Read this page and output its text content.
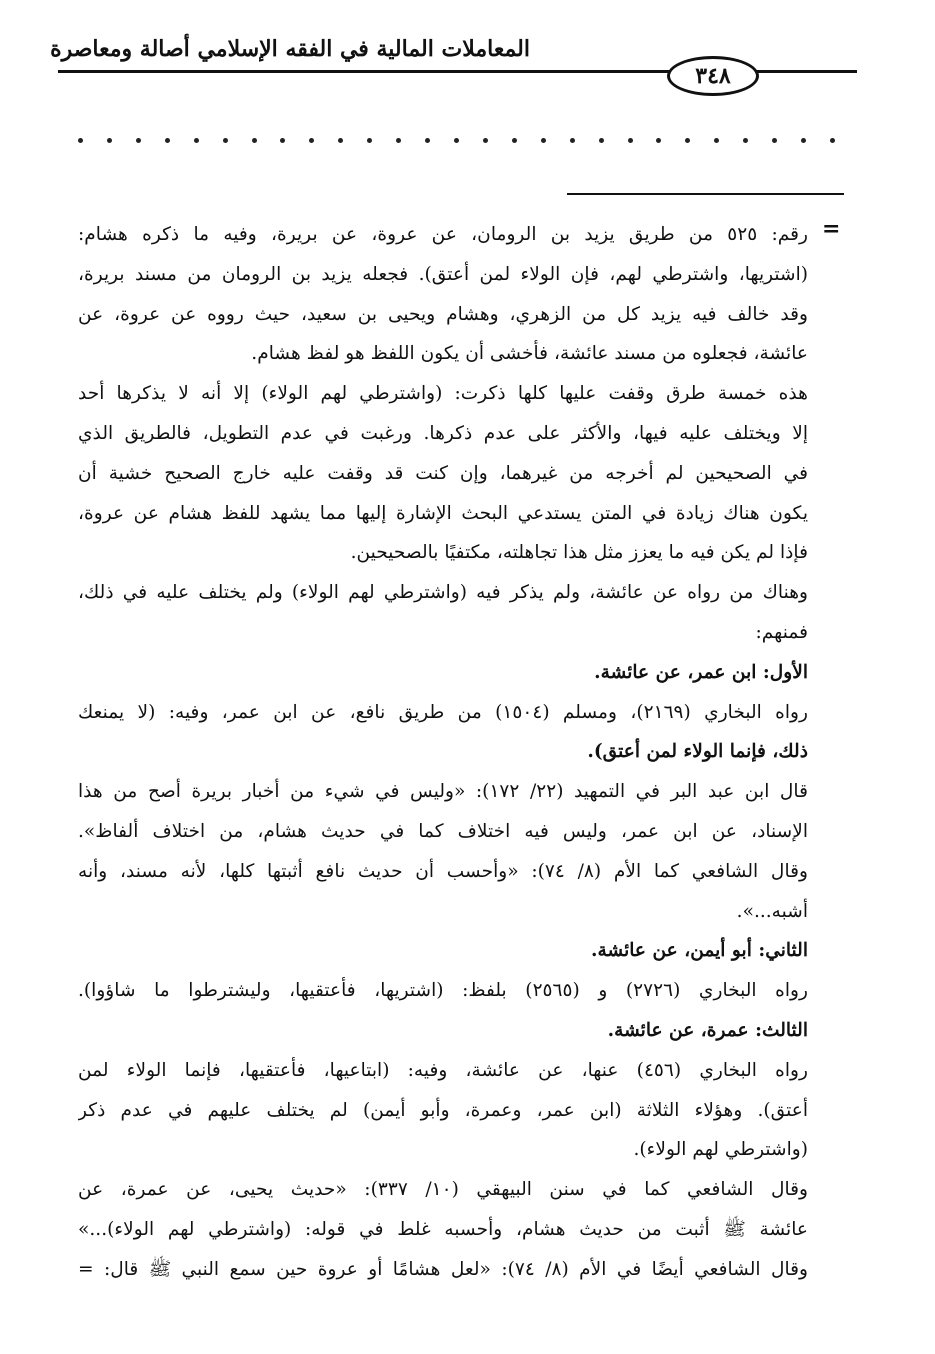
المعاملات المالية في الفقه الإسلامي أصالة ومعاصرة
٣٤٨
=
رقم: ٥٢٥ من طريق يزيد بن الرومان، عن عروة، عن بريرة، وفيه ما ذكره هشام:
(اشتريها، واشترطي لهم، فإن الولاء لمن أعتق). فجعله يزيد بن الرومان من مسند بريرة،
وقد خالف فيه يزيد كل من الزهري، وهشام ويحيى بن سعيد، حيث رووه عن عروة، عن
عائشة، فجعلوه من مسند عائشة، فأخشى أن يكون اللفظ هو لفظ هشام.
هذه خمسة طرق وقفت عليها كلها ذكرت: (واشترطي لهم الولاء) إلا أنه لا يذكرها أحد
إلا ويختلف عليه فيها، والأكثر على عدم ذكرها. ورغبت في عدم التطويل، فالطريق الذي
في الصحيحين لم أخرجه من غيرهما، وإن كنت قد وقفت عليه خارج الصحيح خشية أن
يكون هناك زيادة في المتن يستدعي البحث الإشارة إليها مما يشهد للفظ هشام عن عروة،
فإذا لم يكن فيه ما يعزز مثل هذا تجاهلته، مكتفيًا بالصحيحين.
وهناك من رواه عن عائشة، ولم يذكر فيه (واشترطي لهم الولاء) ولم يختلف عليه في ذلك،
فمنهم:
الأول: ابن عمر، عن عائشة.
رواه البخاري (٢١٦٩)، ومسلم (١٥٠٤) من طريق نافع، عن ابن عمر، وفيه: (لا يمنعك
ذلك، فإنما الولاء لمن أعتق).
قال ابن عبد البر في التمهيد (٢٢/ ١٧٢): «وليس في شيء من أخبار بريرة أصح من هذا
الإسناد، عن ابن عمر، وليس فيه اختلاف كما في حديث هشام، من اختلاف ألفاظ».
وقال الشافعي كما الأم (٨/ ٧٤): «وأحسب أن حديث نافع أثبتها كلها، لأنه مسند، وأنه
أشبه...».
الثاني: أبو أيمن، عن عائشة.
رواه البخاري (٢٧٢٦) و (٢٥٦٥) بلفظ: (اشتريها، فأعتقيها، وليشترطوا ما شاؤوا).
الثالث: عمرة، عن عائشة.
رواه البخاري (٤٥٦) عنها، عن عائشة، وفيه: (ابتاعيها، فأعتقيها، فإنما الولاء لمن
أعتق). وهؤلاء الثلاثة (ابن عمر، وعمرة، وأبو أيمن) لم يختلف عليهم في عدم ذكر
(واشترطي لهم الولاء).
وقال الشافعي كما في سنن البيهقي (١٠/ ٣٣٧): «حديث يحيى، عن عمرة، عن
عائشة ﷺ أثبت من حديث هشام، وأحسبه غلط في قوله: (واشترطي لهم الولاء)...»
وقال الشافعي أيضًا في الأم (٨/ ٧٤): «لعل هشامًا أو عروة حين سمع النبي ﷺ قال: =
